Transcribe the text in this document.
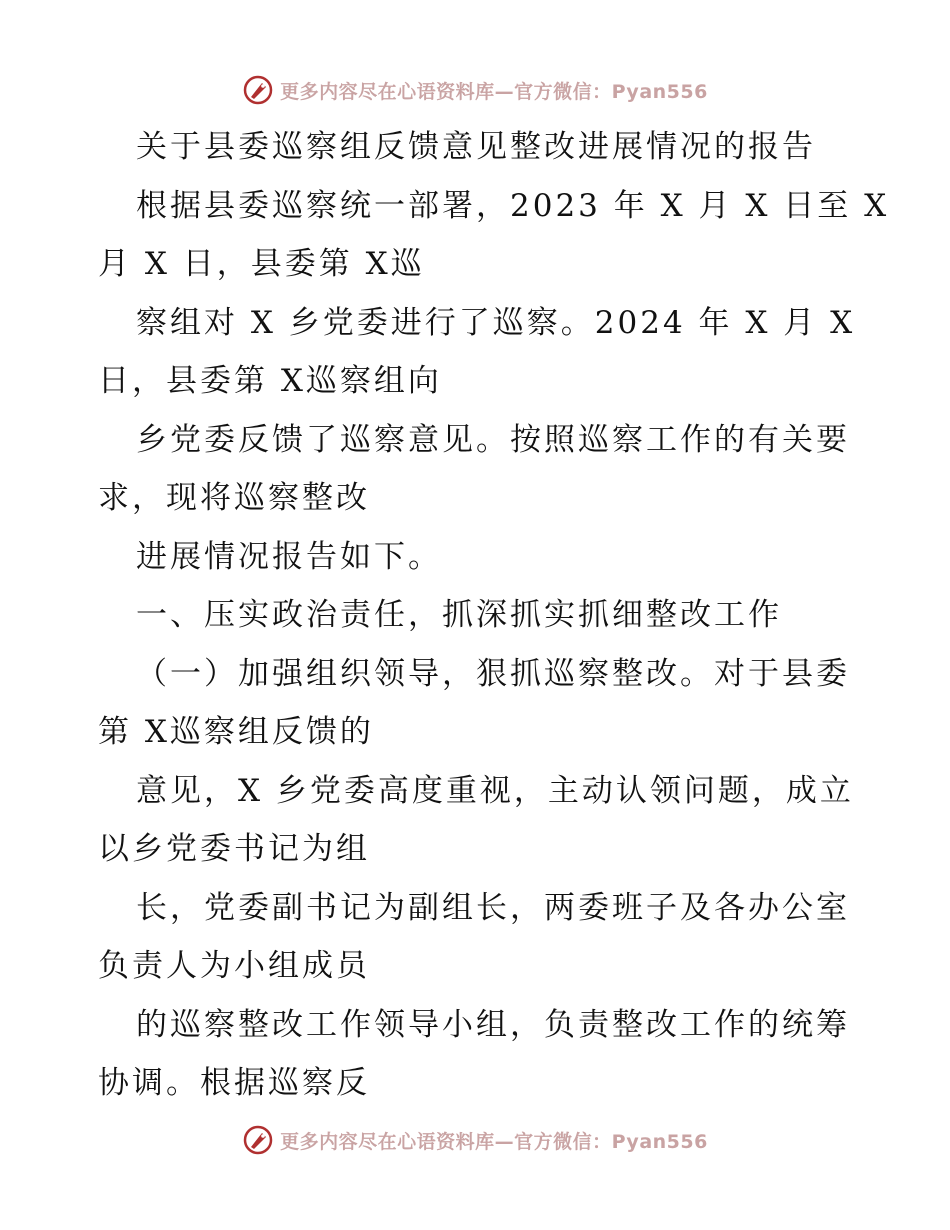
更多内容尽在心语资料库—官方微信：Pyan556

关于县委巡察组反馈意见整改进展情况的报告

根据县委巡察统一部署，2023 年 X 月 X 日至 X

月 X 日，县委第 X巡

察组对 X 乡党委进行了巡察。2024 年 X 月 X

日，县委第 X巡察组向

乡党委反馈了巡察意见。按照巡察工作的有关要

求，现将巡察整改

进展情况报告如下。

一、压实政治责任，抓深抓实抓细整改工作

（一）加强组织领导，狠抓巡察整改。对于县委

第 X巡察组反馈的

意见，X 乡党委高度重视，主动认领问题，成立

以乡党委书记为组

长，党委副书记为副组长，两委班子及各办公室

负责人为小组成员

的巡察整改工作领导小组，负责整改工作的统筹

协调。根据巡察反

更多内容尽在心语资料库—官方微信：Pyan556
